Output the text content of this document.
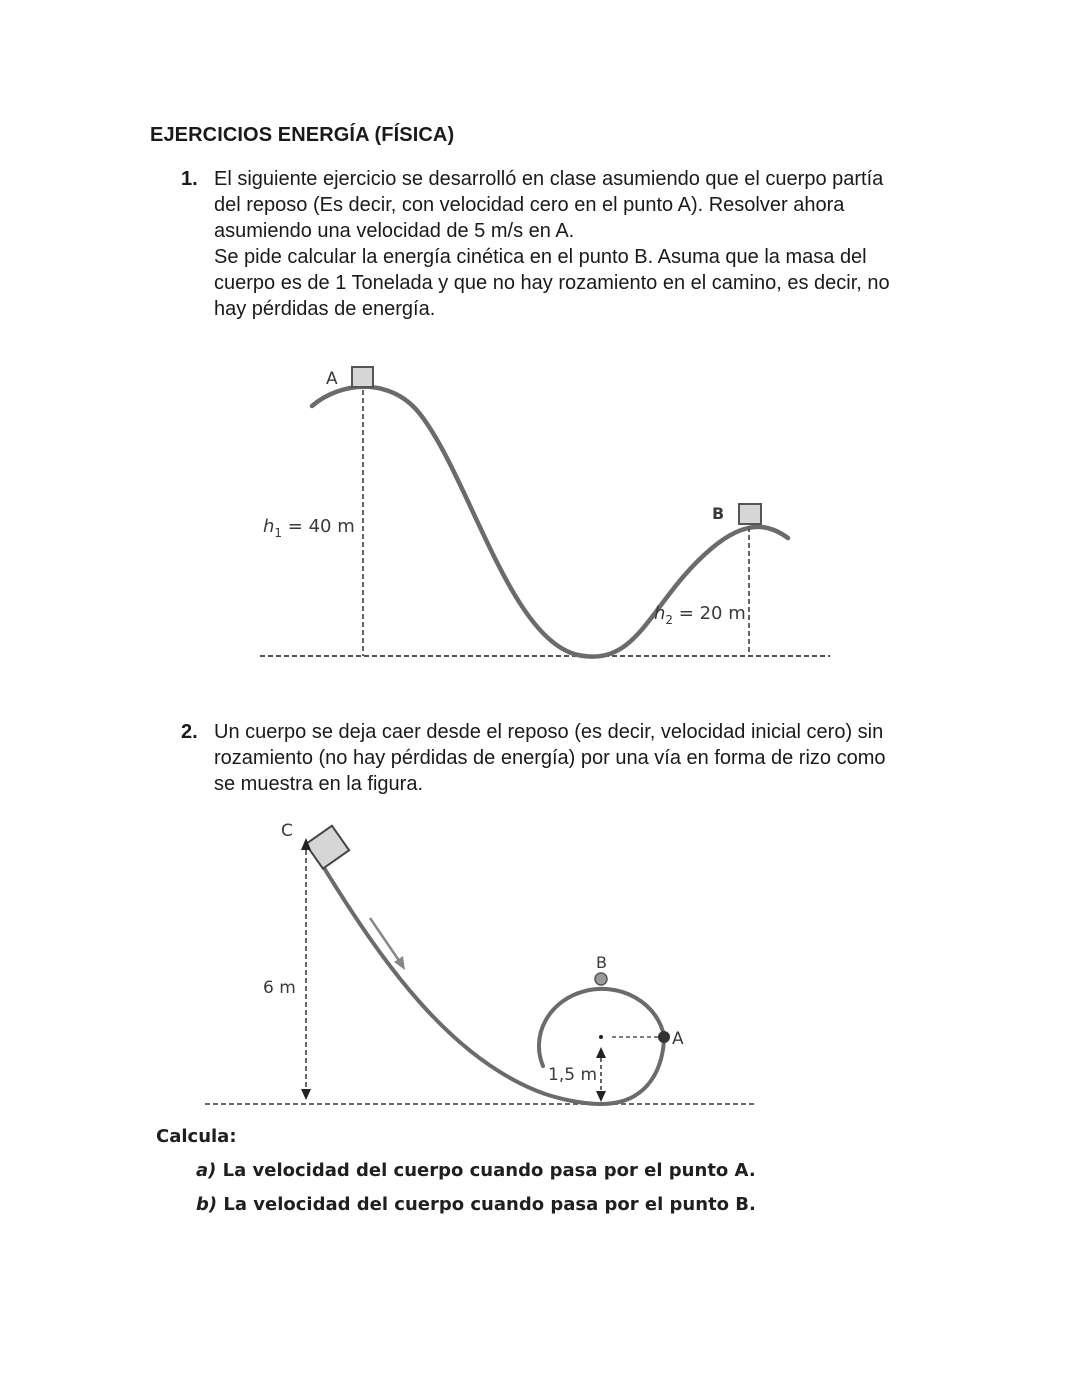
EJERCICIOS ENERGÍA (FÍSICA)
1. El siguiente ejercicio se desarrolló en clase asumiendo que el cuerpo partía
del reposo (Es decir, con velocidad cero en el punto A). Resolver ahora
asumiendo una velocidad de 5 m/s en A.
Se pide calcular la energía cinética en el punto B. Asuma que la masa del
cuerpo es de 1 Tonelada y que no hay rozamiento en el camino, es decir, no
hay pérdidas de energía.
A
B
$h_1 = 40$ m
$h_2 = 20$ m
2. Un cuerpo se deja caer desde el reposo (es decir, velocidad inicial cero) sin
rozamiento (no hay pérdidas de energía) por una vía en forma de rizo como
se muestra en la figura.
C
B
A
6 m
1,5 m
Calcula:
a) La velocidad del cuerpo cuando pasa por el punto A.
b) La velocidad del cuerpo cuando pasa por el punto B.
